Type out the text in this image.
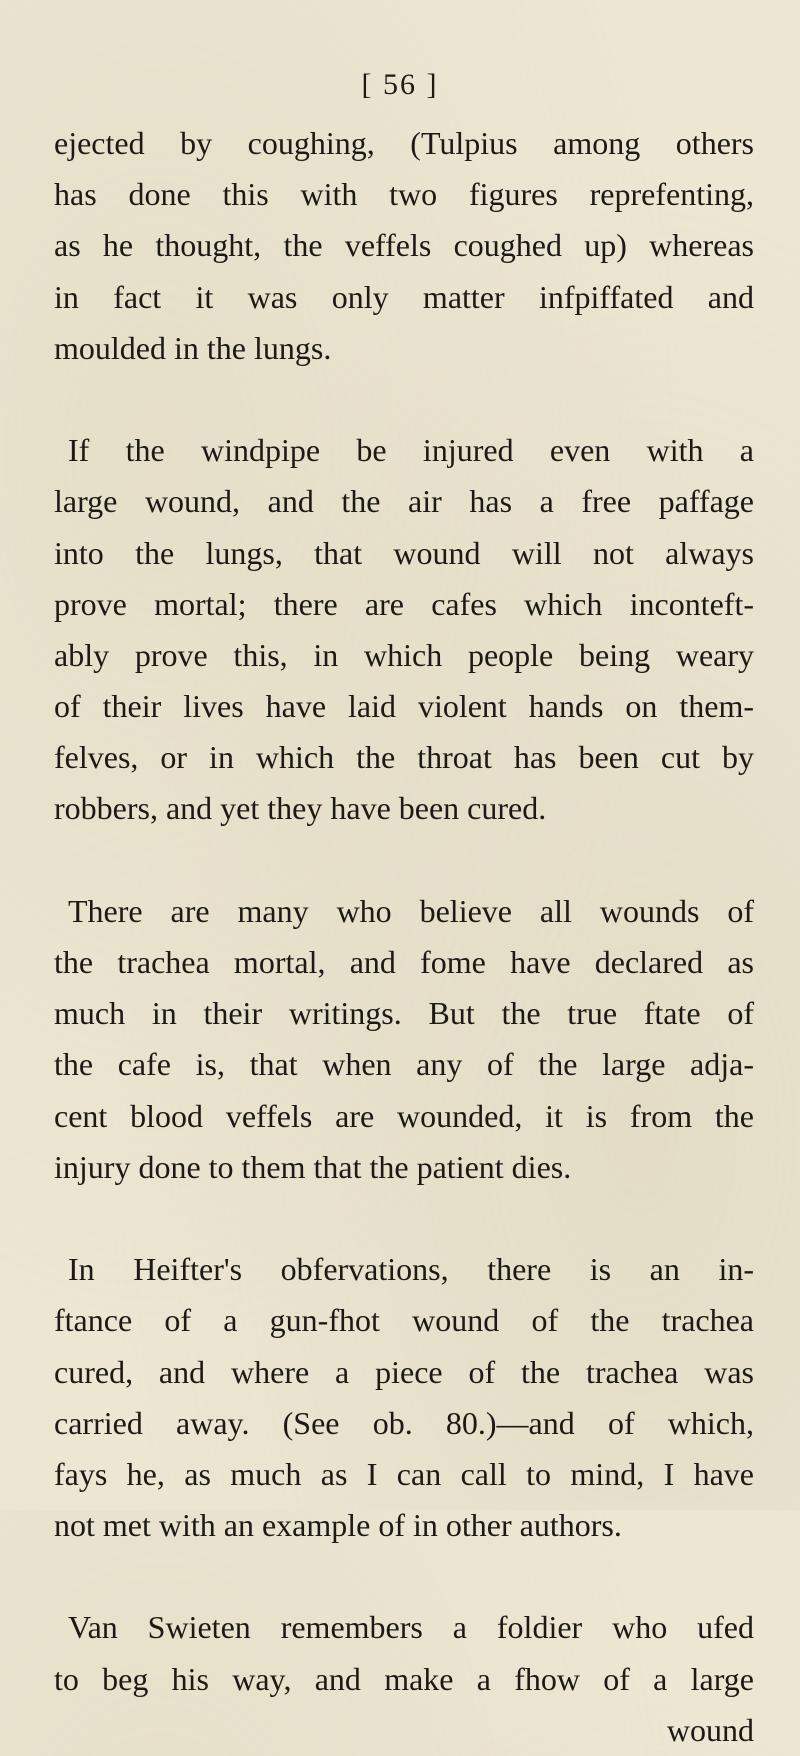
[ 56 ]
ejected by coughing, (Tulpius among others
has done this with two figures reprefenting,
as he thought, the veffels coughed up) whereas
in fact it was only matter infpiffated and
moulded in the lungs.
If the windpipe be injured even with a
large wound, and the air has a free paffage
into the lungs, that wound will not always
prove mortal; there are cafes which inconteft-
ably prove this, in which people being weary
of their lives have laid violent hands on them-
felves, or in which the throat has been cut by
robbers, and yet they have been cured.
There are many who believe all wounds of
the trachea mortal, and fome have declared as
much in their writings. But the true ftate of
the cafe is, that when any of the large adja-
cent blood veffels are wounded, it is from the
injury done to them that the patient dies.
In Heifter's obfervations, there is an in-
ftance of a gun-fhot wound of the trachea
cured, and where a piece of the trachea was
carried away. (See ob. 80.)—and of which,
fays he, as much as I can call to mind, I have
not met with an example of in other authors.
Van Swieten remembers a foldier who ufed
to beg his way, and make a fhow of a large
wound
